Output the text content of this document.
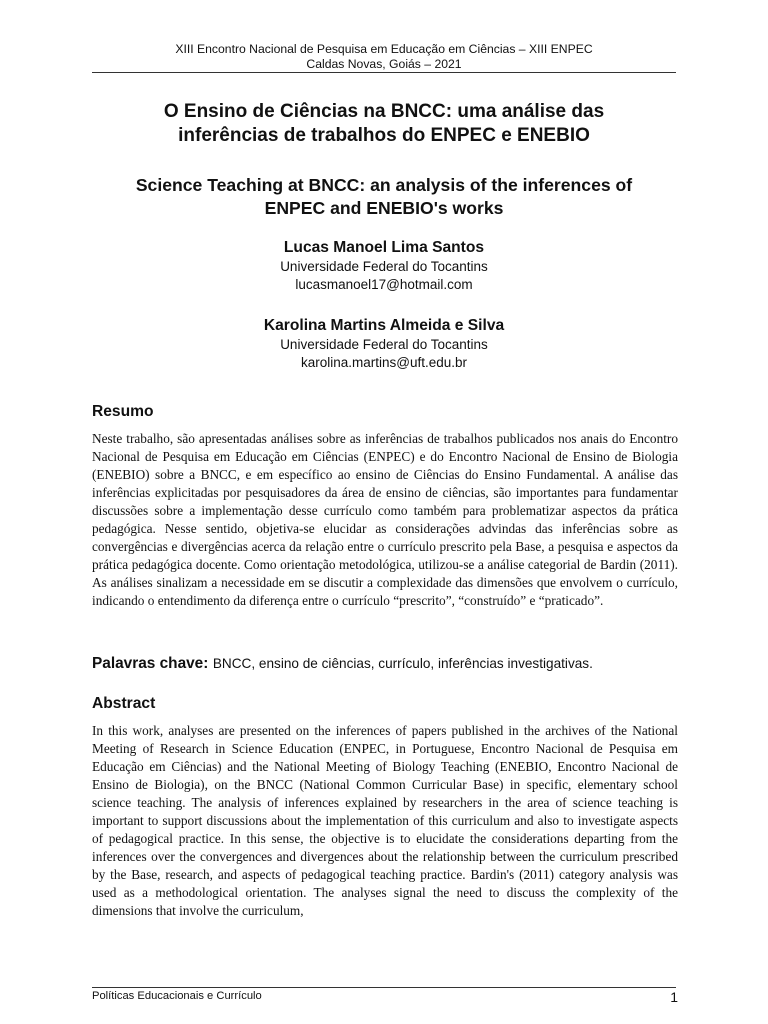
XIII Encontro Nacional de Pesquisa em Educação em Ciências – XIII ENPEC
Caldas Novas, Goiás – 2021
O Ensino de Ciências na BNCC: uma análise das
inferências de trabalhos do ENPEC e ENEBIO
Science Teaching at BNCC: an analysis of the inferences of
ENPEC and ENEBIO's works
Lucas Manoel Lima Santos
Universidade Federal do Tocantins
lucasmanoel17@hotmail.com
Karolina Martins Almeida e Silva
Universidade Federal do Tocantins
karolina.martins@uft.edu.br
Resumo
Neste trabalho, são apresentadas análises sobre as inferências de trabalhos publicados nos anais do Encontro Nacional de Pesquisa em Educação em Ciências (ENPEC) e do Encontro Nacional de Ensino de Biologia (ENEBIO) sobre a BNCC, e em específico ao ensino de Ciências do Ensino Fundamental. A análise das inferências explicitadas por pesquisadores da área de ensino de ciências, são importantes para fundamentar discussões sobre a implementação desse currículo como também para problematizar aspectos da prática pedagógica. Nesse sentido, objetiva-se elucidar as considerações advindas das inferências sobre as convergências e divergências acerca da relação entre o currículo prescrito pela Base, a pesquisa e aspectos da prática pedagógica docente. Como orientação metodológica, utilizou-se a análise categorial de Bardin (2011). As análises sinalizam a necessidade em se discutir a complexidade das dimensões que envolvem o currículo, indicando o entendimento da diferença entre o currículo “prescrito”, “construído” e “praticado”.
Palavras chave: BNCC, ensino de ciências, currículo, inferências investigativas.
Abstract
In this work, analyses are presented on the inferences of papers published in the archives of the National Meeting of Research in Science Education (ENPEC, in Portuguese, Encontro Nacional de Pesquisa em Educação em Ciências) and the National Meeting of Biology Teaching (ENEBIO, Encontro Nacional de Ensino de Biologia), on the BNCC (National Common Curricular Base) in specific, elementary school science teaching. The analysis of inferences explained by researchers in the area of science teaching is important to support discussions about the implementation of this curriculum and also to investigate aspects of pedagogical practice. In this sense, the objective is to elucidate the considerations departing from the inferences over the convergences and divergences about the relationship between the curriculum prescribed by the Base, research, and aspects of pedagogical teaching practice. Bardin's (2011) category analysis was used as a methodological orientation. The analyses signal the need to discuss the complexity of the dimensions that involve the curriculum,
Políticas Educacionais e Currículo	1
